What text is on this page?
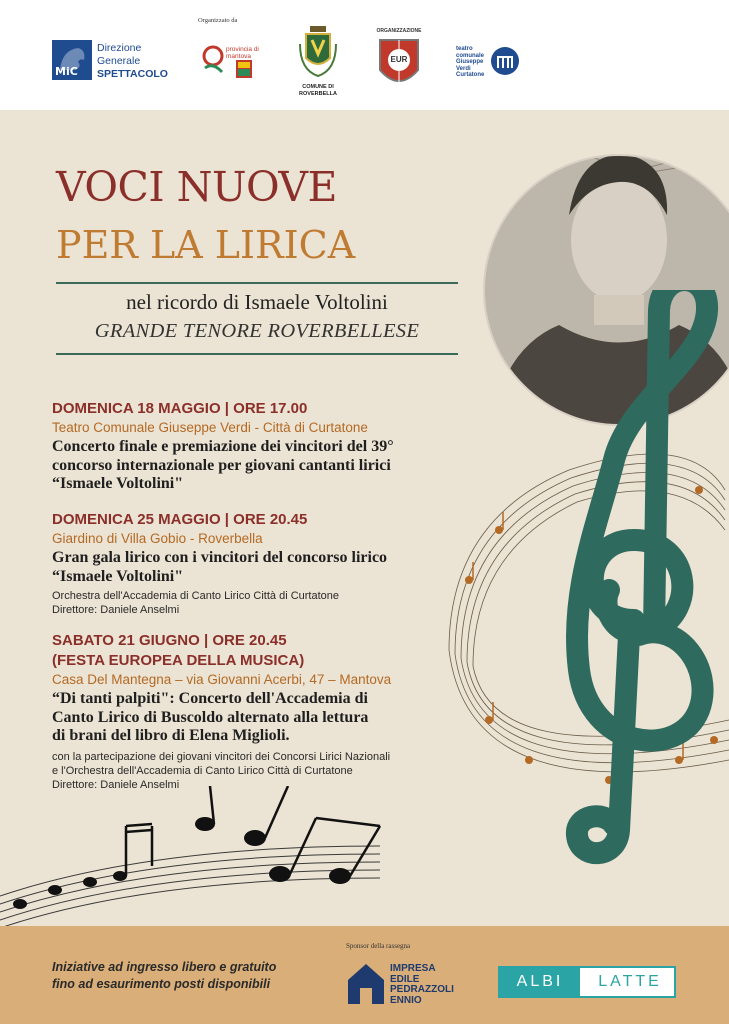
MiC
Direzione
Generale
SPETTACOLO
Organizzato da
provincia di mantova
COMUNE DI ROVERBELLA
ORGANIZZAZIONE
EUR
teatro comunale Giuseppe Verdi Curtatone
VOCI NUOVE
PER LA LIRICA
nel ricordo di Ismaele Voltolini
GRANDE TENORE ROVERBELLESE
DOMENICA 18 MAGGIO | ORE 17.00
Teatro Comunale Giuseppe Verdi - Città di Curtatone
Concerto finale e premiazione dei vincitori del 39°
concorso internazionale per giovani cantanti lirici
“Ismaele Voltolini"
DOMENICA 25 MAGGIO | ORE 20.45
Giardino di Villa Gobio - Roverbella
Gran gala lirico con i vincitori del concorso lirico
“Ismaele Voltolini"
Orchestra dell'Accademia di Canto Lirico Città di Curtatone
Direttore: Daniele Anselmi
SABATO 21 GIUGNO | ORE 20.45
(FESTA EUROPEA DELLA MUSICA)
Casa Del Mantegna – via Giovanni Acerbi, 47 – Mantova
“Di tanti palpiti": Concerto dell'Accademia di
Canto Lirico di Buscoldo alternato alla lettura
di brani del libro di Elena Miglioli.
con la partecipazione dei giovani vincitori dei Concorsi Lirici Nazionali
e l'Orchestra dell'Accademia di Canto Lirico Città di Curtatone
Direttore: Daniele Anselmi
Iniziative ad ingresso libero e gratuito
fino ad esaurimento posti disponibili
Sponsor della rassegna
IMPRESA
EDILE
PEDRAZZOLI
ENNIO
ALBI	LATTE
